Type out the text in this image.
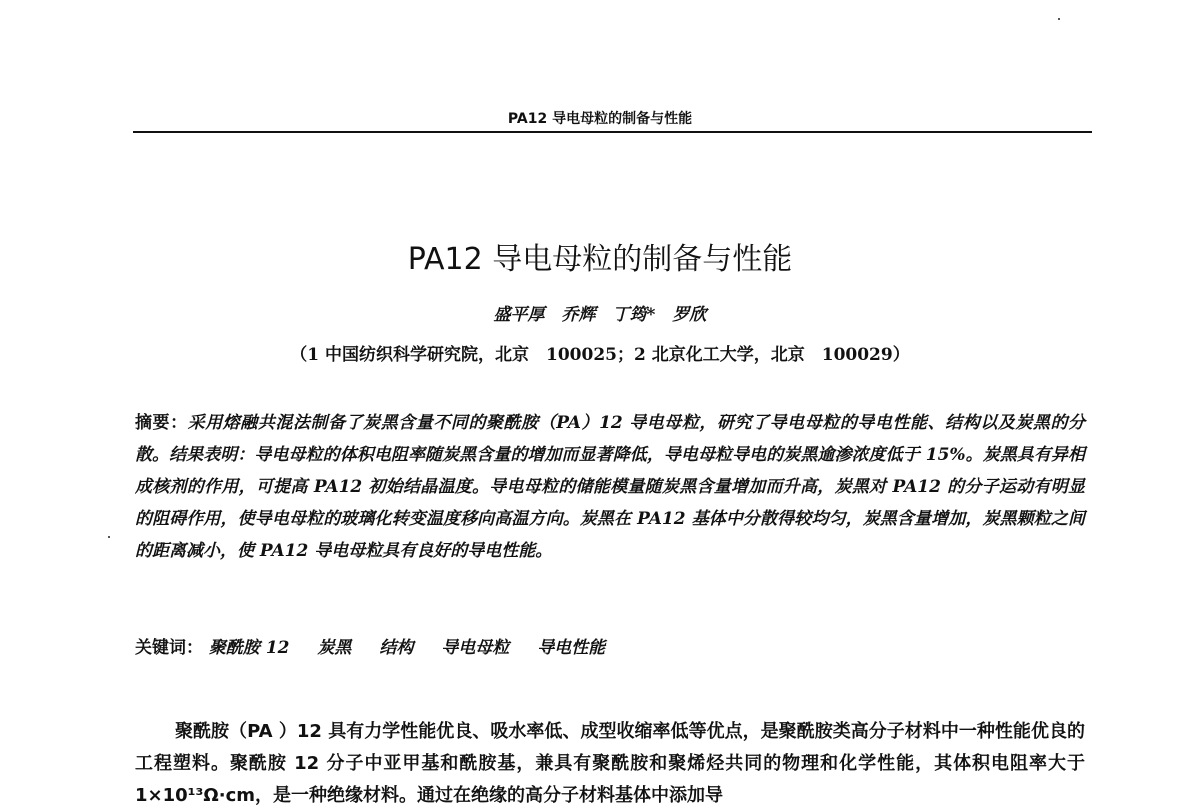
PA12 导电母粒的制备与性能
PA12 导电母粒的制备与性能
盛平厚　乔辉　丁筠*　罗欣
（1 中国纺织科学研究院，北京　100025；2 北京化工大学，北京　100029）
摘要：采用熔融共混法制备了炭黑含量不同的聚酰胺（PA）12 导电母粒，研究了导电母粒的导电性能、结构以及炭黑的分散。结果表明：导电母粒的体积电阻率随炭黑含量的增加而显著降低，导电母粒导电的炭黑逾渗浓度低于 15%。炭黑具有异相成核剂的作用，可提高 PA12 初始结晶温度。导电母粒的储能模量随炭黑含量增加而升高，炭黑对 PA12 的分子运动有明显的阻碍作用，使导电母粒的玻璃化转变温度移向高温方向。炭黑在 PA12 基体中分散得较均匀，炭黑含量增加，炭黑颗粒之间的距离减小，使 PA12 导电母粒具有良好的导电性能。
关键词： 聚酰胺 12 炭黑 结构 导电母粒 导电性能
聚酰胺（PA ）12 具有力学性能优良、吸水率低、成型收缩率低等优点，是聚酰胺类高分子材料中一种性能优良的工程塑料。聚酰胺 12 分子中亚甲基和酰胺基，兼具有聚酰胺和聚烯烃共同的物理和化学性能，其体积电阻率大于 1×10¹³Ω·cm，是一种绝缘材料。通过在绝缘的高分子材料基体中添加导
